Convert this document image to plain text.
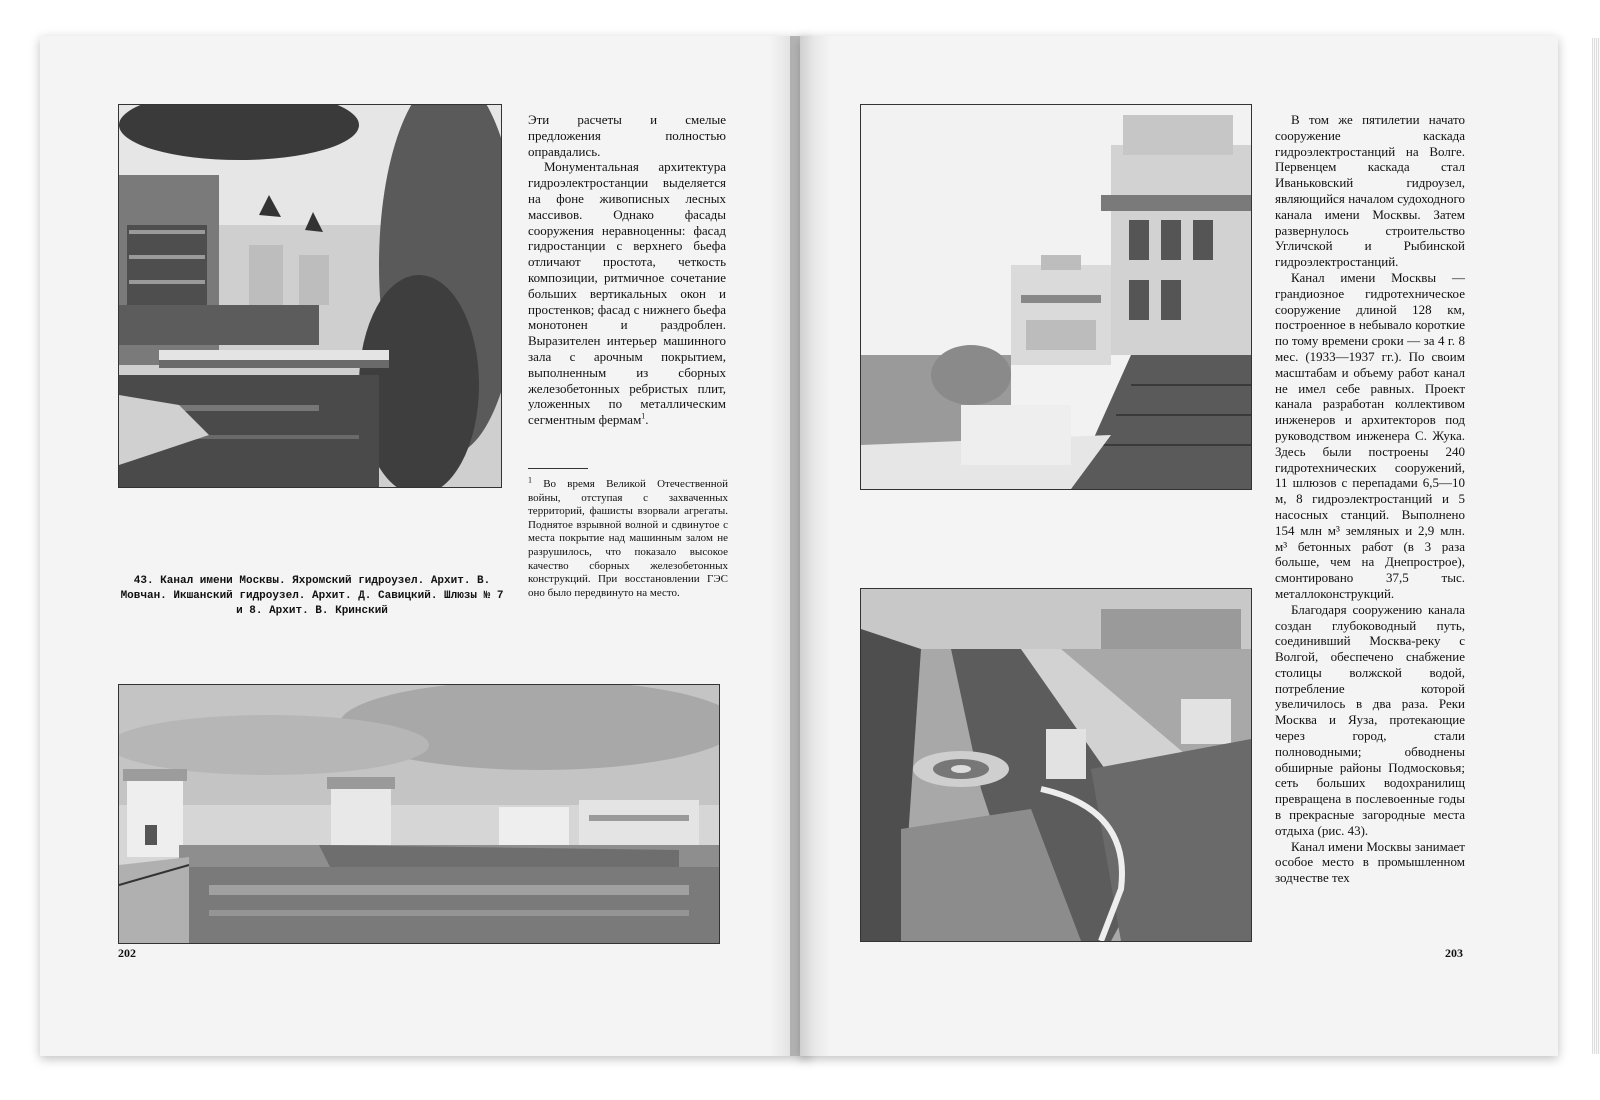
Эти расчеты и смелые предложения полностью оправдались.

Монументальная архитектура гидроэлектростанции выделяется на фоне живописных лесных массивов. Однако фасады сооружения неравноценны: фасад гидростанции с верхнего бьефа отличают простота, четкость композиции, ритмичное сочетание больших вертикальных окон и простенков; фасад с нижнего бьефа монотонен и раздроблен. Выразителен интерьер машинного зала с арочным покрытием, выполненным из сборных железобетонных ребристых плит, уложенных по металлическим сегментным фермам$^1$.

$^1$ Во время Великой Отечественной войны, отступая с захваченных территорий, фашисты взорвали агрегаты. Поднятое взрывной волной и сдвинутое с места покрытие над машинным залом не разрушилось, что показало высокое качество сборных железобетонных конструкций. При восстановлении ГЭС оно было передвинуто на место.
43. Канал имени Москвы. Яхромский гидроузел. Архит. В. Мовчан. Икшанский гидроузел. Архит. Д. Савицкий. Шлюзы № 7 и 8. Архит. В. Кринский
202

В том же пятилетии начато сооружение каскада гидроэлектростанций на Волге. Первенцем каскада стал Иваньковский гидроузел, являющийся началом судоходного канала имени Москвы. Затем развернулось строительство Угличской и Рыбинской гидроэлектростанций.

Канал имени Москвы — грандиозное гидротехническое сооружение длиной 128 км, построенное в небывало короткие по тому времени сроки — за 4 г. 8 мес. (1933—1937 гг.). По своим масштабам и объему работ канал не имел себе равных. Проект канала разработан коллективом инженеров и архитекторов под руководством инженера С. Жука. Здесь были построены 240 гидротехнических сооружений, 11 шлюзов с перепадами 6,5—10 м, 8 гидроэлектростанций и 5 насосных станций. Выполнено 154 млн м³ земляных и 2,9 млн. м³ бетонных работ (в 3 раза больше, чем на Днепрострое), смонтировано 37,5 тыс. металлоконструкций.

Благодаря сооружению канала создан глубоководный путь, соединивший Москва-реку с Волгой, обеспечено снабжение столицы волжской водой, потребление которой увеличилось в два раза. Реки Москва и Яуза, протекающие через город, стали полноводными; обводнены обширные районы Подмосковья; сеть больших водохранилищ превращена в послевоенные годы в прекрасные загородные места отдыха (рис. 43).

Канал имени Москвы занимает особое место в промышленном зодчестве тех

203
